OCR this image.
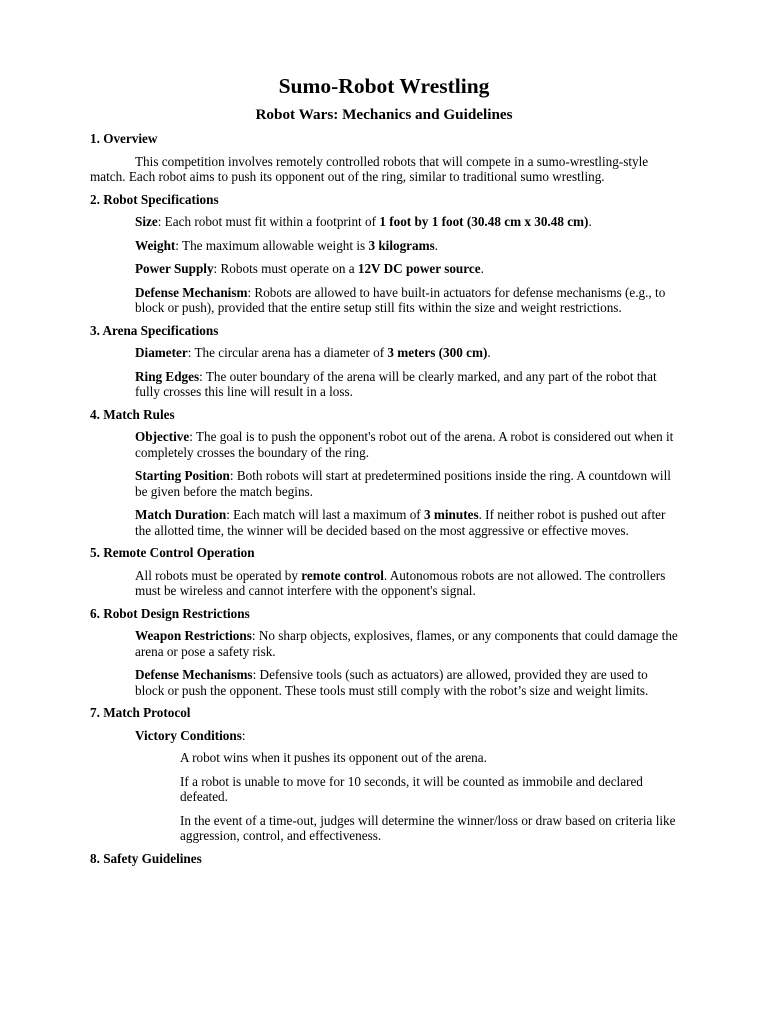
Sumo-Robot Wrestling
Robot Wars: Mechanics and Guidelines

1. Overview

This competition involves remotely controlled robots that will compete in a sumo-wrestling-style match. Each robot aims to push its opponent out of the ring, similar to traditional sumo wrestling.

2. Robot Specifications

Size: Each robot must fit within a footprint of 1 foot by 1 foot (30.48 cm x 30.48 cm).

Weight: The maximum allowable weight is 3 kilograms.

Power Supply: Robots must operate on a 12V DC power source.

Defense Mechanism: Robots are allowed to have built-in actuators for defense mechanisms (e.g., to block or push), provided that the entire setup still fits within the size and weight restrictions.

3. Arena Specifications

Diameter: The circular arena has a diameter of 3 meters (300 cm).

Ring Edges: The outer boundary of the arena will be clearly marked, and any part of the robot that fully crosses this line will result in a loss.

4. Match Rules

Objective: The goal is to push the opponent's robot out of the arena. A robot is considered out when it completely crosses the boundary of the ring.

Starting Position: Both robots will start at predetermined positions inside the ring. A countdown will be given before the match begins.

Match Duration: Each match will last a maximum of 3 minutes. If neither robot is pushed out after the allotted time, the winner will be decided based on the most aggressive or effective moves.

5. Remote Control Operation

All robots must be operated by remote control. Autonomous robots are not allowed. The controllers must be wireless and cannot interfere with the opponent's signal.

6. Robot Design Restrictions

Weapon Restrictions: No sharp objects, explosives, flames, or any components that could damage the arena or pose a safety risk.

Defense Mechanisms: Defensive tools (such as actuators) are allowed, provided they are used to block or push the opponent. These tools must still comply with the robot’s size and weight limits.

7. Match Protocol

Victory Conditions:

A robot wins when it pushes its opponent out of the arena.

If a robot is unable to move for 10 seconds, it will be counted as immobile and declared defeated.

In the event of a time-out, judges will determine the winner/loss or draw based on criteria like aggression, control, and effectiveness.

8. Safety Guidelines
